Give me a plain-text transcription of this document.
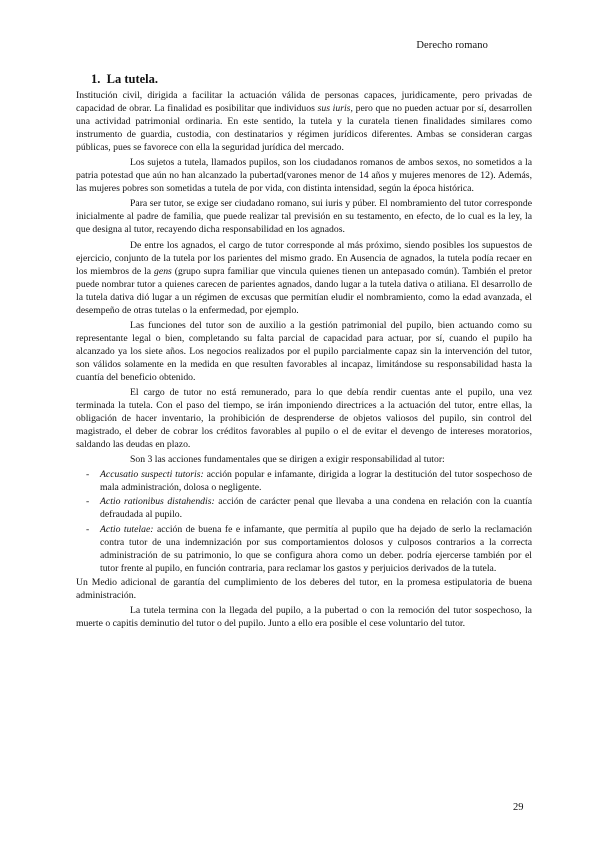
Derecho romano
1. La tutela.

Institución civil, dirigida a facilitar la actuación válida de personas capaces, juridicamente, pero privadas de capacidad de obrar. La finalidad es posibilitar que individuos sus iuris, pero que no pueden actuar por sí, desarrollen una actividad patrimonial ordinaria. En este sentido, la tutela y la curatela tienen finalidades similares como instrumento de guardia, custodia, con destinatarios y régimen jurídicos diferentes. Ambas se consideran cargas públicas, pues se favorece con ella la seguridad jurídica del mercado.

Los sujetos a tutela, llamados pupilos, son los ciudadanos romanos de ambos sexos, no sometidos a la patria potestad que aún no han alcanzado la pubertad(varones menor de 14 años y mujeres menores de 12). Además, las mujeres pobres son sometidas a tutela de por vida, con distinta intensidad, según la época histórica.

Para ser tutor, se exige ser ciudadano romano, sui iuris y púber. El nombramiento del tutor corresponde inicialmente al padre de familia, que puede realizar tal previsión en su testamento, en efecto, de lo cual es la ley, la que designa al tutor, recayendo dicha responsabilidad en los agnados.

De entre los agnados, el cargo de tutor corresponde al más próximo, siendo posibles los supuestos de ejercicio, conjunto de la tutela por los parientes del mismo grado. En Ausencia de agnados, la tutela podía recaer en los miembros de la gens (grupo supra familiar que vincula quienes tienen un antepasado común). También el pretor puede nombrar tutor a quienes carecen de parientes agnados, dando lugar a la tutela dativa o atiliana. El desarrollo de la tutela dativa dió lugar a un régimen de excusas que permitían eludir el nombramiento, como la edad avanzada, el desempeño de otras tutelas o la enfermedad, por ejemplo.

Las funciones del tutor son de auxilio a la gestión patrimonial del pupilo, bien actuando como su representante legal o bien, completando su falta parcial de capacidad para actuar, por sí, cuando el pupilo ha alcanzado ya los siete años. Los negocios realizados por el pupilo parcialmente capaz sin la intervención del tutor, son válidos solamente en la medida en que resulten favorables al incapaz, limitándose su responsabilidad hasta la cuantía del beneficio obtenido.

El cargo de tutor no está remunerado, para lo que debía rendir cuentas ante el pupilo, una vez terminada la tutela. Con el paso del tiempo, se irán imponiendo directrices a la actuación del tutor, entre ellas, la obligación de hacer inventario, la prohibición de desprenderse de objetos valiosos del pupilo, sin control del magistrado, el deber de cobrar los créditos favorables al pupilo o el de evitar el devengo de intereses moratorios, saldando las deudas en plazo.

Son 3 las acciones fundamentales que se dirigen a exigir responsabilidad al tutor:

- Accusatio suspecti tutoris: acción popular e infamante, dirigida a lograr la destitución del tutor sospechoso de mala administración, dolosa o negligente.
- Actio rationibus distahendis: acción de carácter penal que llevaba a una condena en relación con la cuantía defraudada al pupilo.
- Actio tutelae: acción de buena fe e infamante, que permitía al pupilo que ha dejado de serlo la reclamación contra tutor de una indemnización por sus comportamientos dolosos y culposos contrarios a la correcta administración de su patrimonio, lo que se configura ahora como un deber. podría ejercerse también por el tutor frente al pupilo, en función contraria, para reclamar los gastos y perjuicios derivados de la tutela.

Un Medio adicional de garantía del cumplimiento de los deberes del tutor, en la promesa estipulatoria de buena administración.

La tutela termina con la llegada del pupilo, a la pubertad o con la remoción del tutor sospechoso, la muerte o capitis deminutio del tutor o del pupilo. Junto a ello era posible el cese voluntario del tutor.

29
